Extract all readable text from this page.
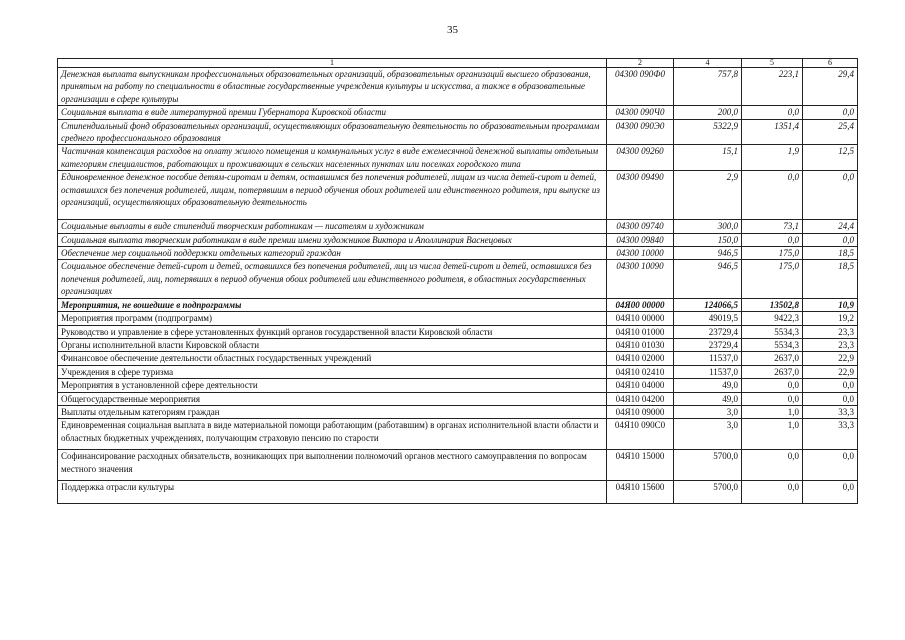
35
1	2	4	5	6
Денежная выплата выпускникам профессиональных образовательных организаций, образовательных организаций высшего образования, принятым на работу по специальности в областные государственные учреждения культуры и искусства, а также в образовательные организации в сфере культуры	04300 090Ф0	757,8	223,1	29,4
Социальная выплата в виде литературной премии Губернатора Кировской области	04300 090Ч0	200,0	0,0	0,0
Стипендиальный фонд образовательных организаций, осуществляющих образовательную деятельность по образовательным программам среднего профессионального образования	04300 090Э0	5322,9	1351,4	25,4
Частичная компенсация расходов на оплату жилого помещения и коммунальных услуг в виде ежемесячной денежной выплаты отдельным категориям специалистов, работающих и проживающих в сельских населенных пунктах или поселках городского типа	04300 09260	15,1	1,9	12,5
Единовременное денежное пособие детям-сиротам и детям, оставшимся без попечения родителей, лицам из числа детей-сирот и детей, оставшихся без попечения родителей, лицам, потерявшим в период обучения обоих родителей или единственного родителя, при выпуске из организаций, осуществляющих образовательную деятельность	04300 09490	2,9	0,0	0,0
Социальные выплаты в виде стипендий творческим работникам — писателям и художникам	04300 09740	300,0	73,1	24,4
Социальная выплата творческим работникам в виде премии имени художников Виктора и Аполлинария Васнецовых	04300 09840	150,0	0,0	0,0
Обеспечение мер социальной поддержки отдельных категорий граждан	04300 10000	946,5	175,0	18,5
Социальное обеспечение детей-сирот и детей, оставшихся без попечения родителей, лиц из числа детей-сирот и детей, оставшихся без попечения родителей, лиц, потерявших в период обучения обоих родителей или единственного родителя, в областных государственных организациях	04300 10090	946,5	175,0	18,5
Мероприятия, не вошедшие в подпрограммы	04Я00 00000	124066,5	13502,8	10,9
Мероприятия программ (подпрограмм)	04Я10 00000	49019,5	9422,3	19,2
Руководство и управление в сфере установленных функций органов государственной власти Кировской области	04Я10 01000	23729,4	5534,3	23,3
Органы исполнительной власти Кировской области	04Я10 01030	23729,4	5534,3	23,3
Финансовое обеспечение деятельности областных государственных учреждений	04Я10 02000	11537,0	2637,0	22,9
Учреждения в сфере туризма	04Я10 02410	11537,0	2637,0	22,9
Мероприятия в установленной сфере деятельности	04Я10 04000	49,0	0,0	0,0
Общегосударственные мероприятия	04Я10 04200	49,0	0,0	0,0
Выплаты отдельным категориям граждан	04Я10 09000	3,0	1,0	33,3
Единовременная социальная выплата в виде материальной помощи работающим (работавшим) в органах исполнительной власти области и областных бюджетных учреждениях, получающим страховую пенсию по старости	04Я10 090С0	3,0	1,0	33,3
Софинансирование расходных обязательств, возникающих при выполнении полномочий органов местного самоуправления по вопросам местного значения	04Я10 15000	5700,0	0,0	0,0
Поддержка отрасли культуры	04Я10 15600	5700,0	0,0	0,0
